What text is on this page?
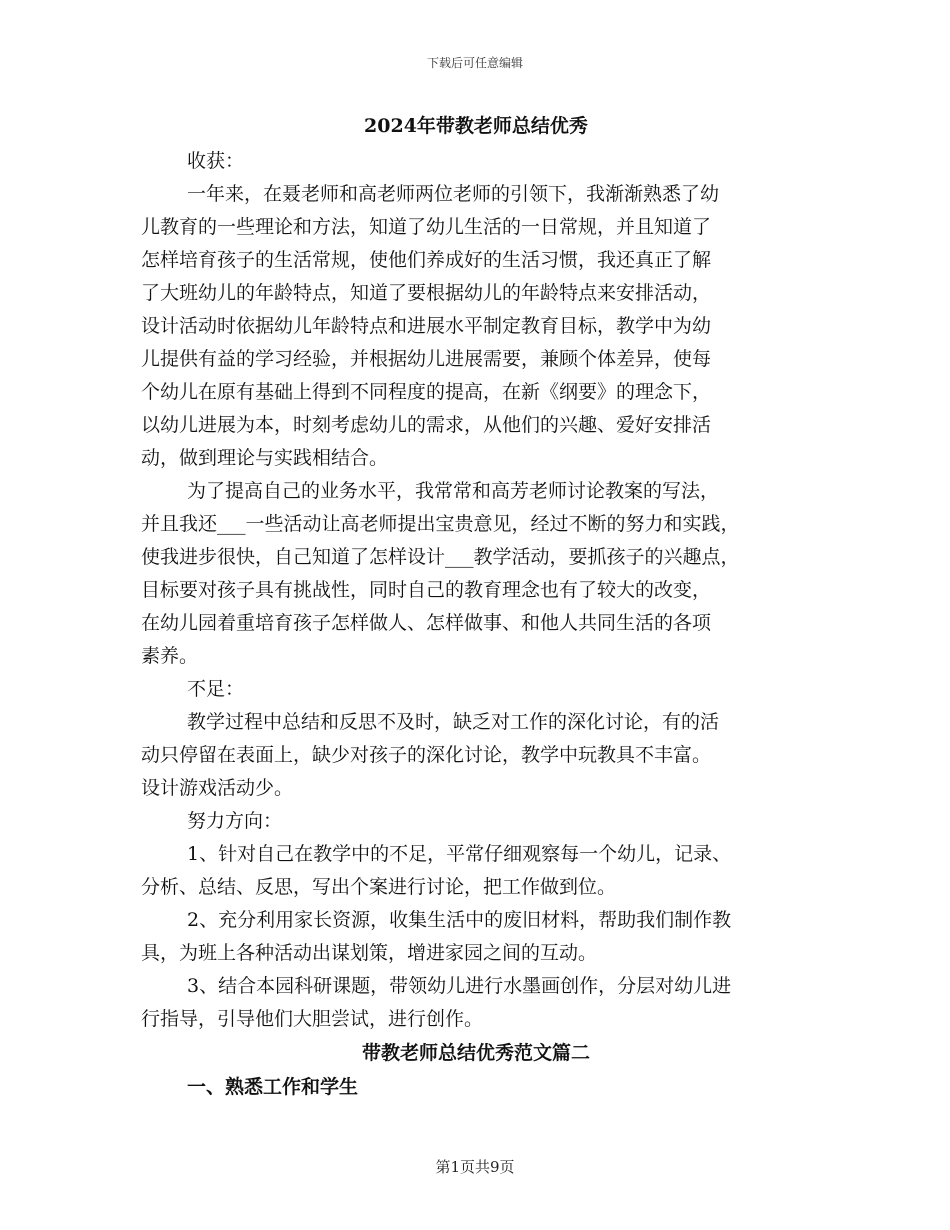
下载后可任意编辑
2024年带教老师总结优秀

收获：

一年来，在聂老师和高老师两位老师的引领下，我渐渐熟悉了幼
儿教育的一些理论和方法，知道了幼儿生活的一日常规，并且知道了
怎样培育孩子的生活常规，使他们养成好的生活习惯，我还真正了解
了大班幼儿的年龄特点，知道了要根据幼儿的年龄特点来安排活动，
设计活动时依据幼儿年龄特点和进展水平制定教育目标，教学中为幼
儿提供有益的学习经验，并根据幼儿进展需要，兼顾个体差异，使每
个幼儿在原有基础上得到不同程度的提高，在新《纲要》的理念下，
以幼儿进展为本，时刻考虑幼儿的需求，从他们的兴趣、爱好安排活
动，做到理论与实践相结合。
为了提高自己的业务水平，我常常和高芳老师讨论教案的写法，
并且我还___一些活动让高老师提出宝贵意见，经过不断的努力和实践，
使我进步很快，自己知道了怎样设计___教学活动，要抓孩子的兴趣点，
目标要对孩子具有挑战性，同时自己的教育理念也有了较大的改变，
在幼儿园着重培育孩子怎样做人、怎样做事、和他人共同生活的各项
素养。

不足：

教学过程中总结和反思不及时，缺乏对工作的深化讨论，有的活
动只停留在表面上，缺少对孩子的深化讨论，教学中玩教具不丰富。
设计游戏活动少。

努力方向：

1、针对自己在教学中的不足，平常仔细观察每一个幼儿，记录、
分析、总结、反思，写出个案进行讨论，把工作做到位。
2、充分利用家长资源，收集生活中的废旧材料，帮助我们制作教
具，为班上各种活动出谋划策，增进家园之间的互动。
3、结合本园科研课题，带领幼儿进行水墨画创作，分层对幼儿进
行指导，引导他们大胆尝试，进行创作。
带教老师总结优秀范文篇二
一、熟悉工作和学生
第1页共9页
